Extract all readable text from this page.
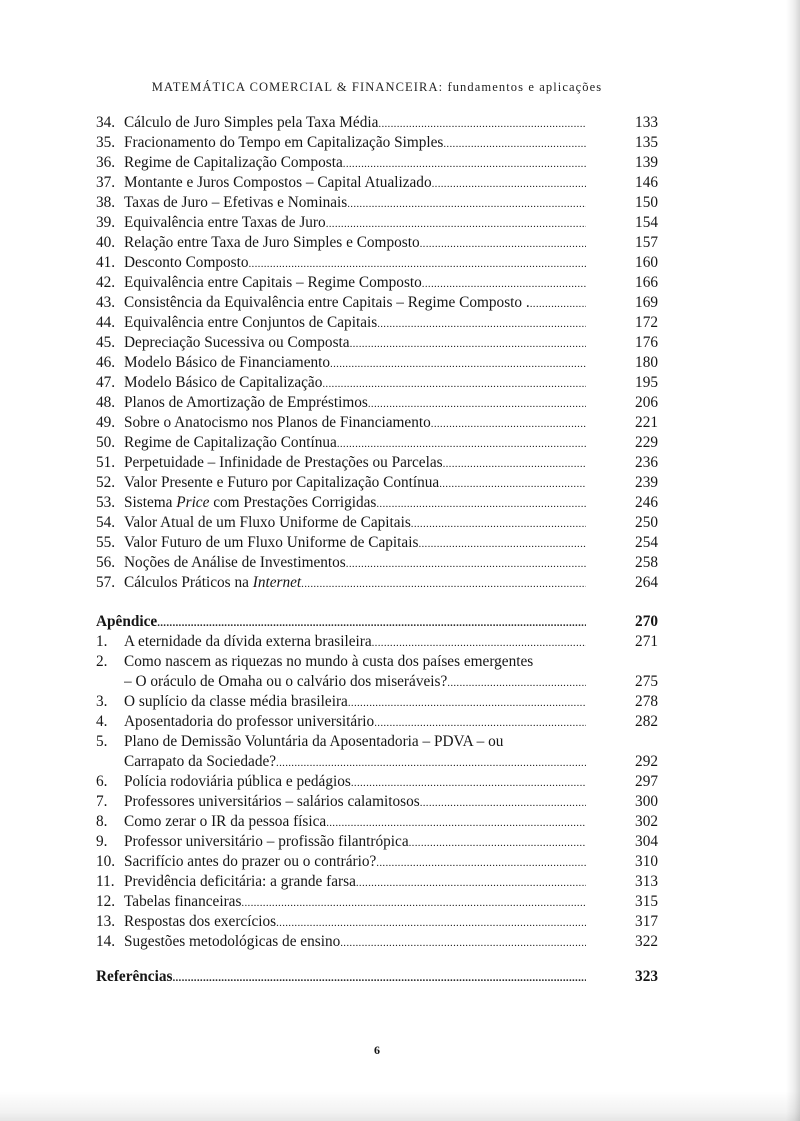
MATEMÁTICA COMERCIAL & FINANCEIRA: fundamentos e aplicações
34. Cálculo de Juro Simples pela Taxa Média .....	133
35. Fracionamento do Tempo em Capitalização Simples .....	135
36. Regime de Capitalização Composta .....	139
37. Montante e Juros Compostos – Capital Atualizado .....	146
38. Taxas de Juro – Efetivas e Nominais .....	150
39. Equivalência entre Taxas de Juro .....	154
40. Relação entre Taxa de Juro Simples e Composto .....	157
41. Desconto Composto .....	160
42. Equivalência entre Capitais – Regime Composto .....	166
43. Consistência da Equivalência entre Capitais – Regime Composto . .....	169
44. Equivalência entre Conjuntos de Capitais .....	172
45. Depreciação Sucessiva ou Composta .....	176
46. Modelo Básico de Financiamento .....	180
47. Modelo Básico de Capitalização .....	195
48. Planos de Amortização de Empréstimos .....	206
49. Sobre o Anatocismo nos Planos de Financiamento .....	221
50. Regime de Capitalização Contínua .....	229
51. Perpetuidade – Infinidade de Prestações ou Parcelas .....	236
52. Valor Presente e Futuro por Capitalização Contínua .....	239
53. Sistema Price com Prestações Corrigidas .....	246
54. Valor Atual de um Fluxo Uniforme de Capitais .....	250
55. Valor Futuro de um Fluxo Uniforme de Capitais .....	254
56. Noções de Análise de Investimentos .....	258
57. Cálculos Práticos na Internet .....	264
Apêndice .....	270
1.	A eternidade da dívida externa brasileira .....	271
2.	Como nascem as riquezas no mundo à custa dos países emergentes
– O oráculo de Omaha ou o calvário dos miseráveis? .....	275
3.	O suplício da classe média brasileira .....	278
4.	Aposentadoria do professor universitário .....	282
5.	Plano de Demissão Voluntária da Aposentadoria – PDVA – ou
Carrapato da Sociedade? .....	292
6.	Polícia rodoviária pública e pedágios .....	297
7.	Professores universitários – salários calamitosos .....	300
8.	Como zerar o IR da pessoa física .....	302
9.	Professor universitário – profissão filantrópica .....	304
10. Sacrifício antes do prazer ou o contrário? .....	310
11. Previdência deficitária: a grande farsa .....	313
12. Tabelas financeiras .....	315
13. Respostas dos exercícios .....	317
14. Sugestões metodológicas de ensino .....	322
Referências .....	323
6
